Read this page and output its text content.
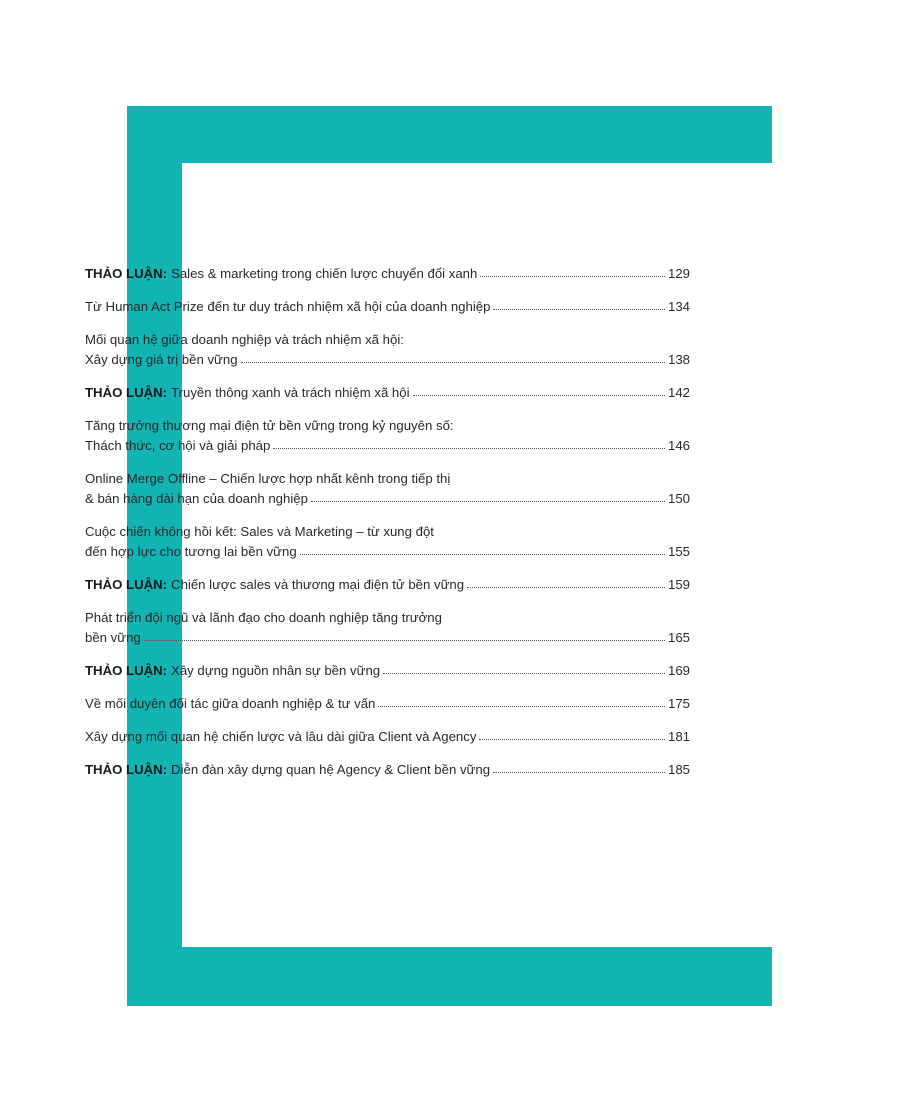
THẢO LUẬN: Sales & marketing trong chiến lược chuyển đổi xanh	129
Từ Human Act Prize đến tư duy trách nhiệm xã hội của doanh nghiệp	134
Mối quan hệ giữa doanh nghiệp và trách nhiệm xã hội:
Xây dựng giá trị bền vững	138
THẢO LUẬN: Truyền thông xanh và trách nhiệm xã hội	142
Tăng trưởng thương mại điện tử bền vững trong kỷ nguyên số:
Thách thức, cơ hội và giải pháp	146
Online Merge Offline – Chiến lược hợp nhất kênh trong tiếp thị
& bán hàng dài hạn của doanh nghiệp	150
Cuộc chiến không hồi kết: Sales và Marketing – từ xung đột
đến hợp lực cho tương lai bền vững	155
THẢO LUẬN: Chiến lược sales và thương mại điện tử bền vững	159
Phát triển đội ngũ và lãnh đạo cho doanh nghiệp tăng trưởng
bền vững	165
THẢO LUẬN: Xây dựng nguồn nhân sự bền vững	169
Về mối duyên đối tác giữa doanh nghiệp & tư vấn	175
Xây dựng mối quan hệ chiến lược và lâu dài giữa Client và Agency	181
THẢO LUẬN: Diễn đàn xây dựng quan hệ Agency & Client bền vững	185
